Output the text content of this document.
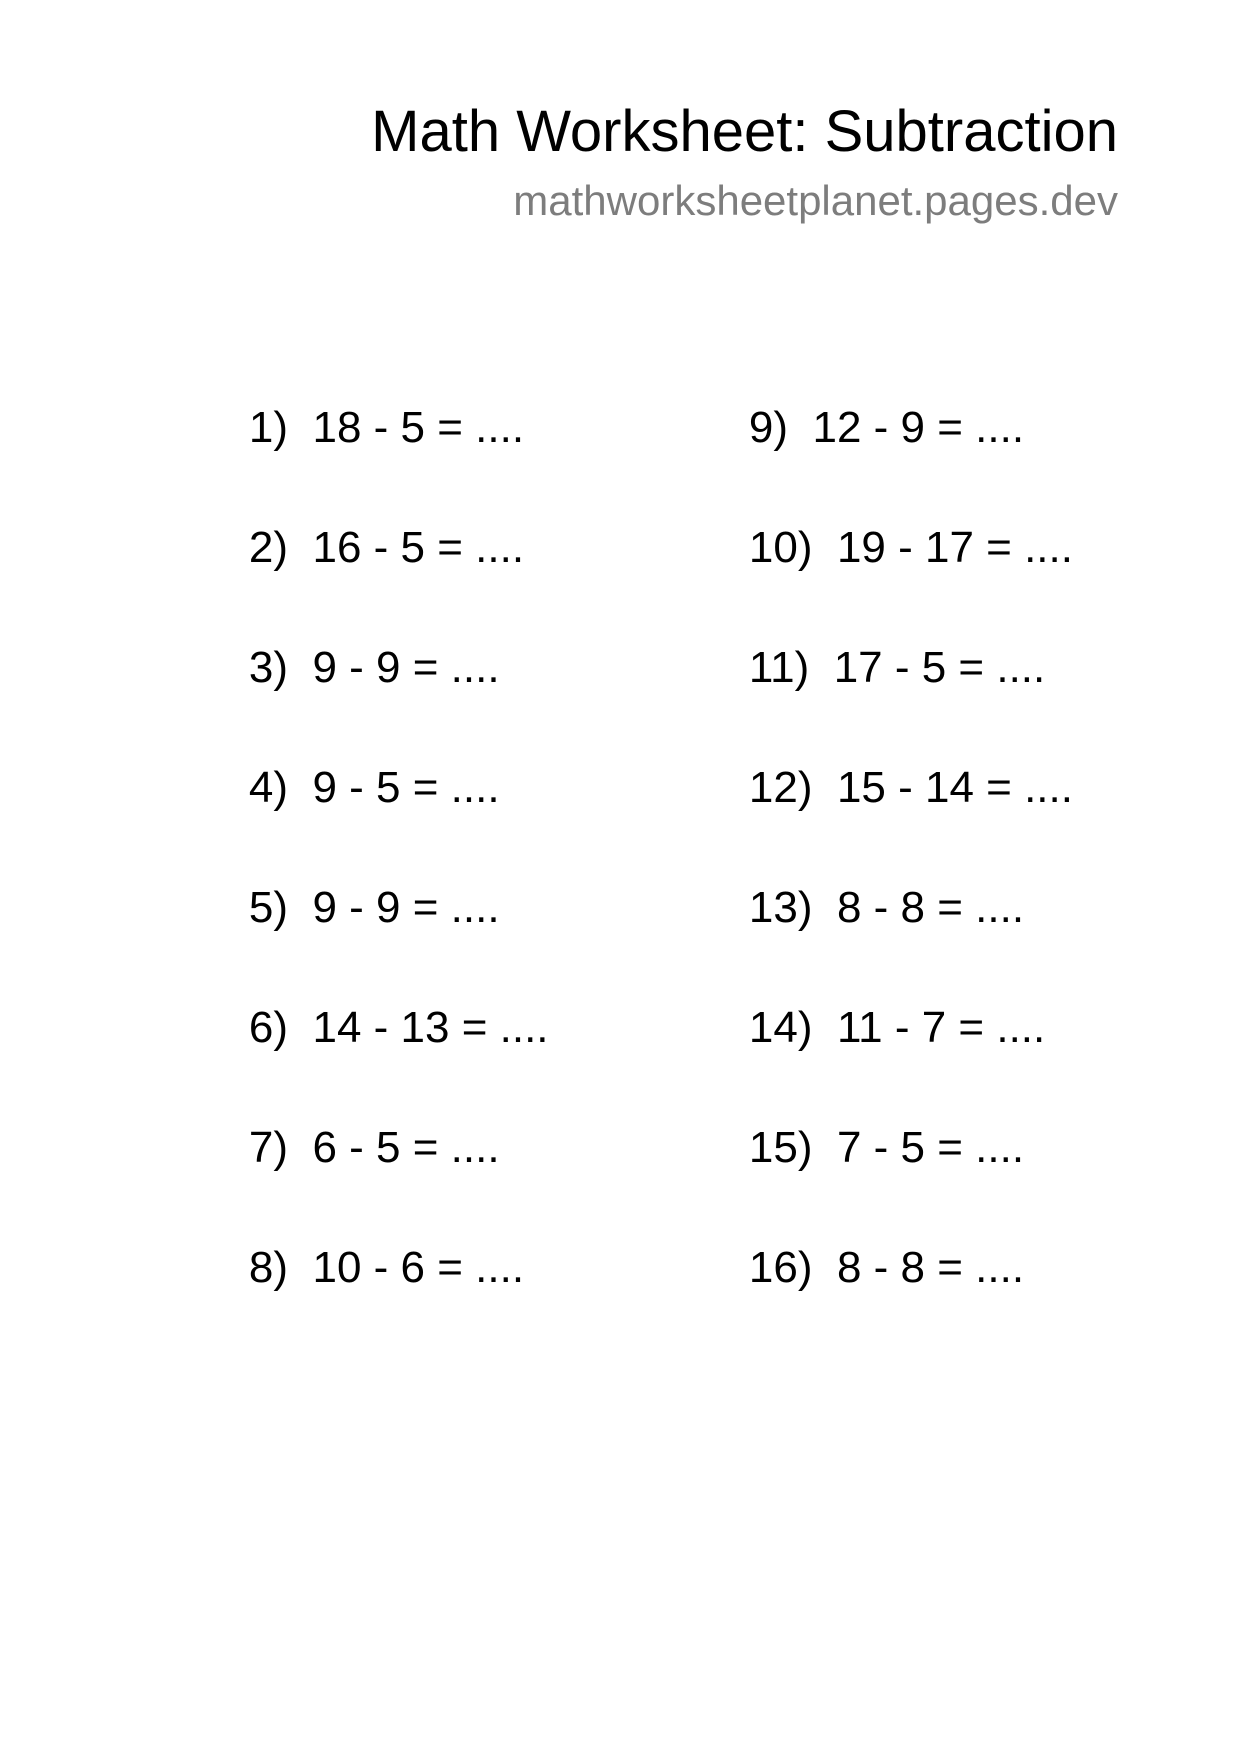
Math Worksheet: Subtraction
mathworksheetplanet.pages.dev

1) 18 - 5 = ....

2) 16 - 5 = ....

3) 9 - 9 = ....

4) 9 - 5 = ....

5) 9 - 9 = ....

6) 14 - 13 = ....

7) 6 - 5 = ....

8) 10 - 6 = ....

9) 12 - 9 = ....

10) 19 - 17 = ....

11) 17 - 5 = ....

12) 15 - 14 = ....

13) 8 - 8 = ....

14) 11 - 7 = ....

15) 7 - 5 = ....

16) 8 - 8 = ....
